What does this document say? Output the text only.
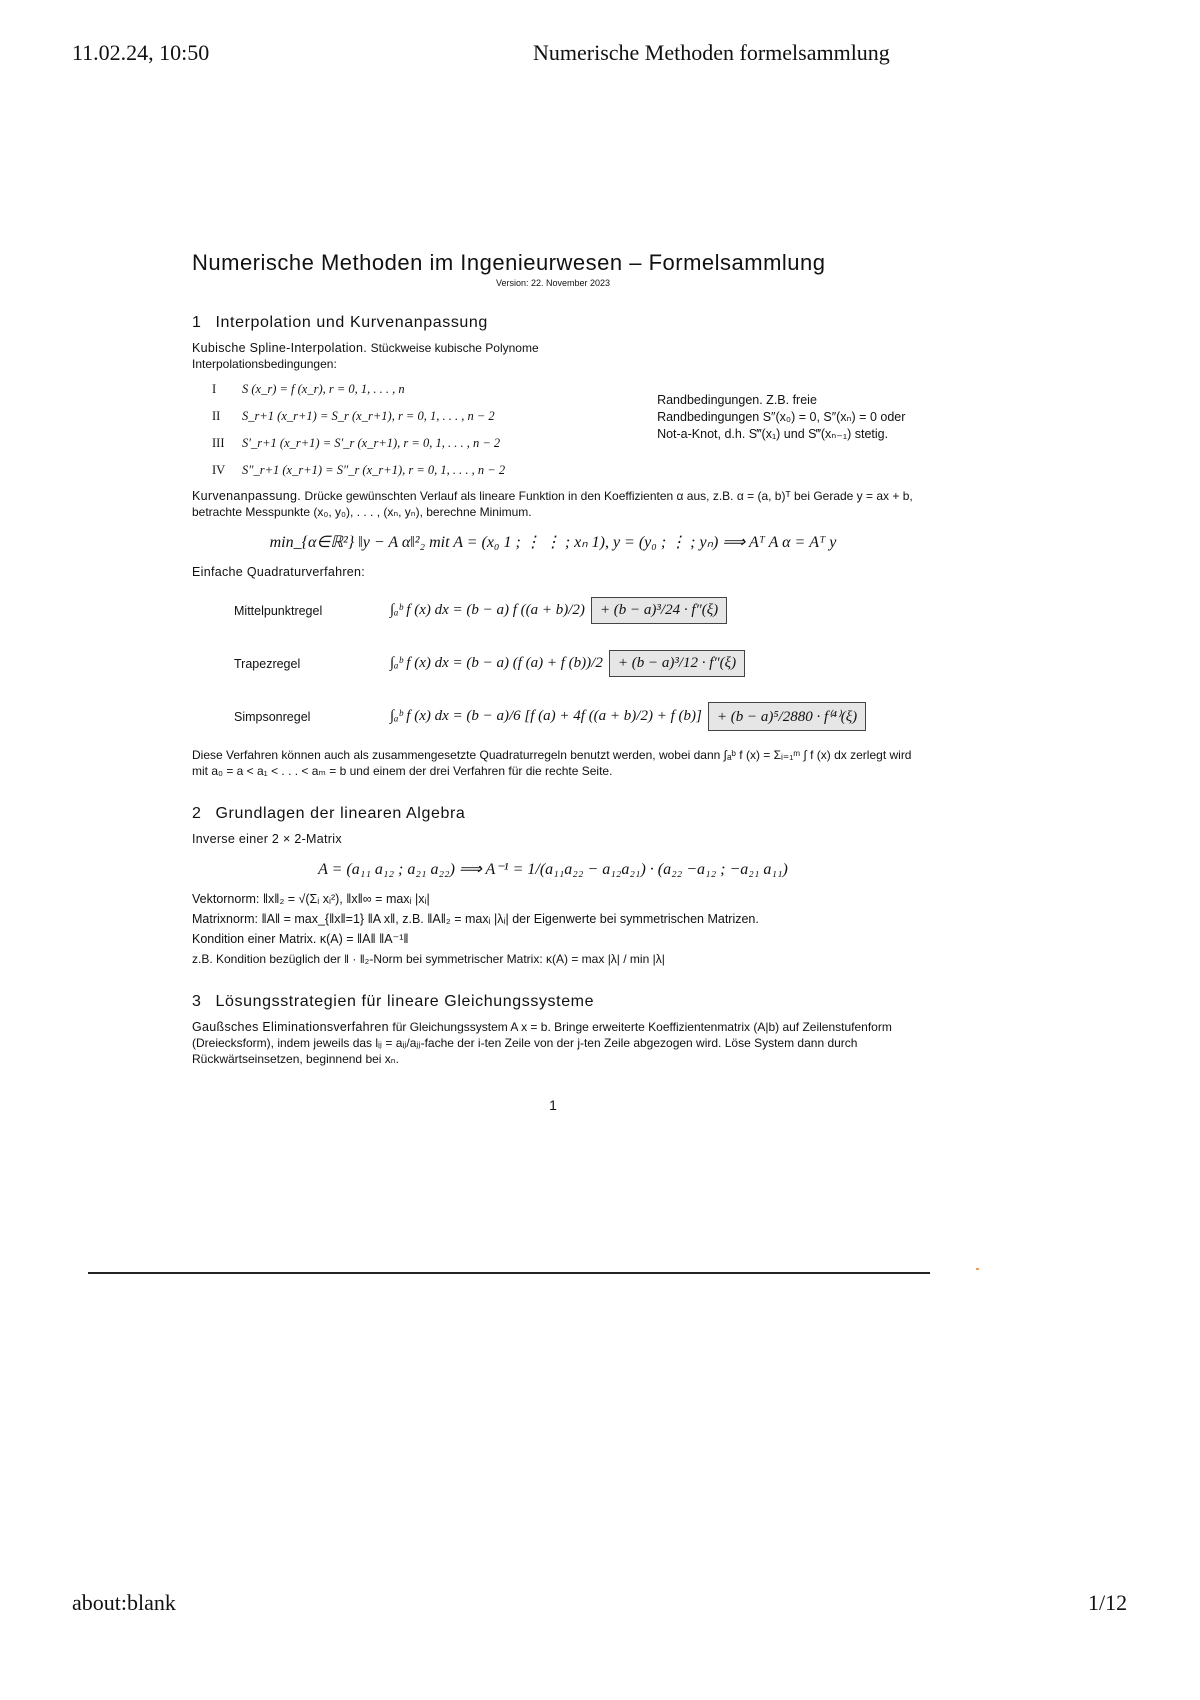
11.02.24, 10:50	Numerische Methoden formelsammlung
Numerische Methoden im Ingenieurwesen – Formelsammlung
Version: 22. November 2023
1 Interpolation und Kurvenanpassung

Kubische Spline-Interpolation. Stückweise kubische Polynome
Interpolationsbedingungen:

I S (x_r) = f (x_r), r = 0, 1, . . . , n
II S_r+1 (x_r+1) = S_r (x_r+1), r = 0, 1, . . . , n − 2
III S′_r+1 (x_r+1) = S′_r (x_r+1), r = 0, 1, . . . , n − 2
IV S″_r+1 (x_r+1) = S″_r (x_r+1), r = 0, 1, . . . , n − 2
Randbedingungen. Z.B. freie Randbedingungen S″(x₀) = 0, S″(xₙ) = 0 oder Not-a-Knot, d.h. S‴(x₁) und S‴(xₙ₋₁) stetig.

Kurvenanpassung. Drücke gewünschten Verlauf als lineare Funktion in den Koeffizienten α aus, z.B. α = (a, b)ᵀ bei Gerade y = ax + b, betrachte Messpunkte (x₀, y₀), . . . , (xₙ, yₙ), berechne Minimum.

min_{α∈ℝ²} ‖y − A α‖²₂ mit A = (x₀ 1 ; ⋮ ⋮ ; xₙ 1), y = (y₀ ; ⋮ ; yₙ) ⟹ Aᵀ A α = Aᵀ y

Einfache Quadraturverfahren:

Mittelpunktregel	∫ₐᵇ f (x) dx = (b − a) f ((a + b)/2)	+ (b − a)³/24 · f″(ξ)
Trapezregel	∫ₐᵇ f (x) dx = (b − a) (f (a) + f (b))/2	+ (b − a)³/12 · f″(ξ)
Simpsonregel	∫ₐᵇ f (x) dx = (b − a)/6 [f (a) + 4f ((a + b)/2) + f (b)]	+ (b − a)⁵/2880 · f⁽⁴⁾(ξ)

Diese Verfahren können auch als zusammengesetzte Quadraturregeln benutzt werden, wobei dann ∫ₐᵇ f (x) = Σᵢ₌₁ᵐ ∫ f (x) dx zerlegt wird mit a₀ = a < a₁ < . . . < aₘ = b und einem der drei Verfahren für die rechte Seite.

2 Grundlagen der linearen Algebra

Inverse einer 2 × 2-Matrix

A = (a₁₁ a₁₂ ; a₂₁ a₂₂) ⟹ A⁻¹ = 1/(a₁₁a₂₂ − a₁₂a₂₁) · (a₂₂ −a₁₂ ; −a₂₁ a₁₁)

Vektornorm: ‖x‖₂ = √(Σᵢ xᵢ²), ‖x‖∞ = maxᵢ |xᵢ|

Matrixnorm: ‖A‖ = max_{‖x‖=1} ‖A x‖, z.B. ‖A‖₂ = maxᵢ |λᵢ| der Eigenwerte bei symmetrischen Matrizen.

Kondition einer Matrix. κ(A) = ‖A‖ ‖A⁻¹‖

z.B. Kondition bezüglich der ‖ · ‖₂-Norm bei symmetrischer Matrix: κ(A) = max |λ| / min |λ|

3 Lösungsstrategien für lineare Gleichungssysteme

Gaußsches Eliminationsverfahren für Gleichungssystem A x = b. Bringe erweiterte Koeffizientenmatrix (A|b) auf Zeilenstufenform (Dreiecksform), indem jeweils das lᵢⱼ = aᵢⱼ/aⱼⱼ-fache der i-ten Zeile von der j-ten Zeile abgezogen wird. Löse System dann durch Rückwärtseinsetzen, beginnend bei xₙ.

1
about:blank	1/12
